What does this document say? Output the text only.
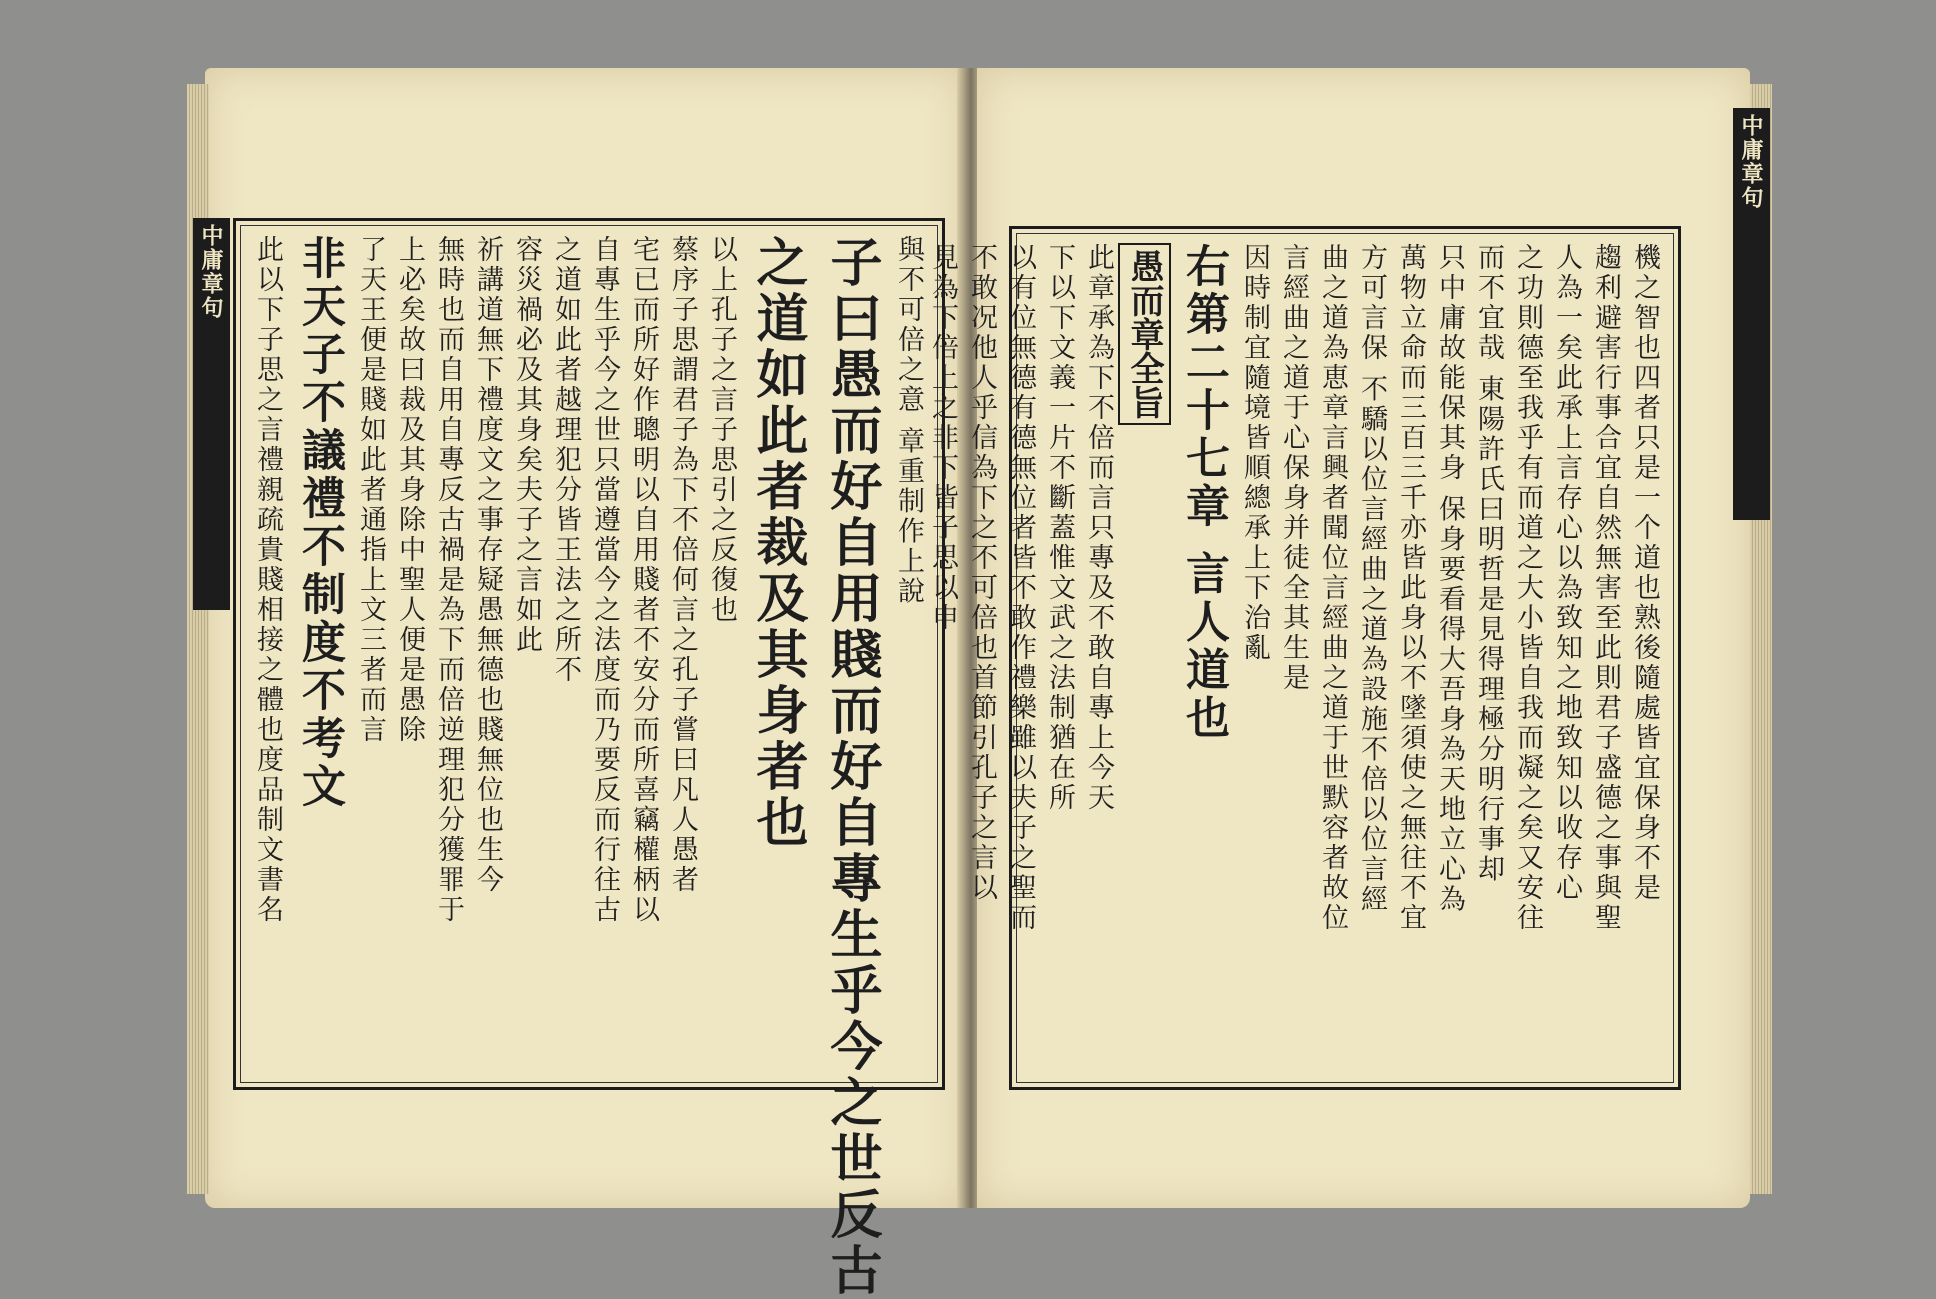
中庸章句	與不可倍之意 章重制作上說
子曰愚而好自用賤而好自專生乎今之世反古
之道如此者裁及其身者也
以上孔子之言子思引之反復也
蔡序子思謂君子為下不倍何言之孔子嘗曰凡人愚者
宅已而所好作聰明以自用賤者不安分而所喜竊權柄以
自專生乎今之世只當遵當今之法度而乃要反而行往古
之道如此者越理犯分皆王法之所不
容災禍必及其身矣夫子之言如此
祈講道無下禮度文之事存疑愚無德也賤無位也生今
無時也而自用自專反古禍是為下而倍逆理犯分獲罪于
上必矣故曰裁及其身除中聖人便是愚除
了天王便是賤如此者通指上文三者而言
非天子不議禮不制度不考文
此以下子思之言禮親疏貴賤相接之體也度品制文書名
中庸章句
機之智也四者只是一个道也熟後隨處皆宜保身不是
趨利避害行事合宜自然無害至此則君子盛德之事與聖
人為一矣此承上言存心以為致知之地致知以收存心
之功則德至我乎有而道之大小皆自我而凝之矣又安往
而不宜哉 東陽許氏曰明哲是見得理極分明行事却
只中庸故能保其身 保身要看得大吾身為天地立心為
萬物立命而三百三千亦皆此身以不墜須使之無往不宜
方可言保 不驕以位言經曲之道為設施不倍以位言經
曲之道為恵章言興者聞位言經曲之道于世默容者故位
言經曲之道于心保身并徒全其生是
因時制宜隨境皆順總承上下治亂
右第二十七章 言人道也
愚而章全旨
此章承為下不倍而言只專及不敢自專上今天
下以下文義一片不斷蓋惟文武之法制猶在所
以有位無德有德無位者皆不敢作禮樂雖以夫子之聖而
不敢况他人乎信為下之不可倍也首節引孔子之言以
見為下倍上之非下皆子思以申
